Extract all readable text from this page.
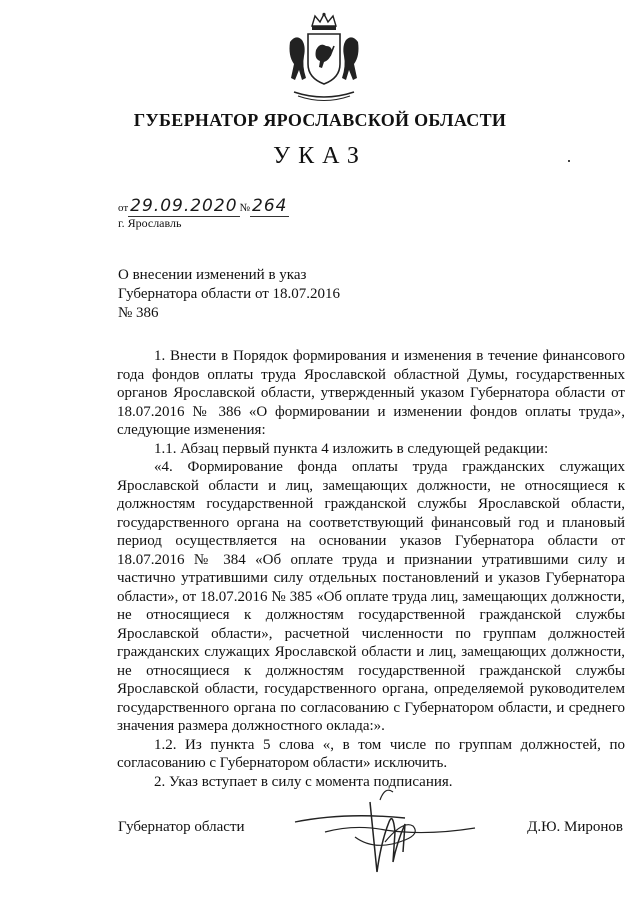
ГУБЕРНАТОР ЯРОСЛАВСКОЙ ОБЛАСТИ
УКАЗ
от 29.09.2020 № 264
г. Ярославль
О внесении изменений в указ
Губернатора области от 18.07.2016
№ 386

1. Внести в Порядок формирования и изменения в течение финансового года фондов оплаты труда Ярославской областной Думы, государственных органов Ярославской области, утвержденный указом Губернатора области от 18.07.2016 № 386 «О формировании и изменении фондов оплаты труда», следующие изменения:

1.1. Абзац первый пункта 4 изложить в следующей редакции:

«4. Формирование фонда оплаты труда гражданских служащих Ярославской области и лиц, замещающих должности, не относящиеся к должностям государственной гражданской службы Ярославской области, государственного органа на соответствующий финансовый год и плановый период осуществляется на основании указов Губернатора области от 18.07.2016 № 384 «Об оплате труда и признании утратившими силу и частично утратившими силу отдельных постановлений и указов Губернатора области», от 18.07.2016 № 385 «Об оплате труда лиц, замещающих должности, не относящиеся к должностям государственной гражданской службы Ярославской области», расчетной численности по группам должностей гражданских служащих Ярославской области и лиц, замещающих должности, не относящиеся к должностям государственной гражданской службы Ярославской области, государственного органа, определяемой руководителем государственного органа по согласованию с Губернатором области, и среднего значения размера должностного оклада:».

1.2. Из пункта 5 слова «, в том числе по группам должностей, по согласованию с Губернатором области» исключить.

2. Указ вступает в силу с момента подписания.

Губернатор области	Д.Ю. Миронов
